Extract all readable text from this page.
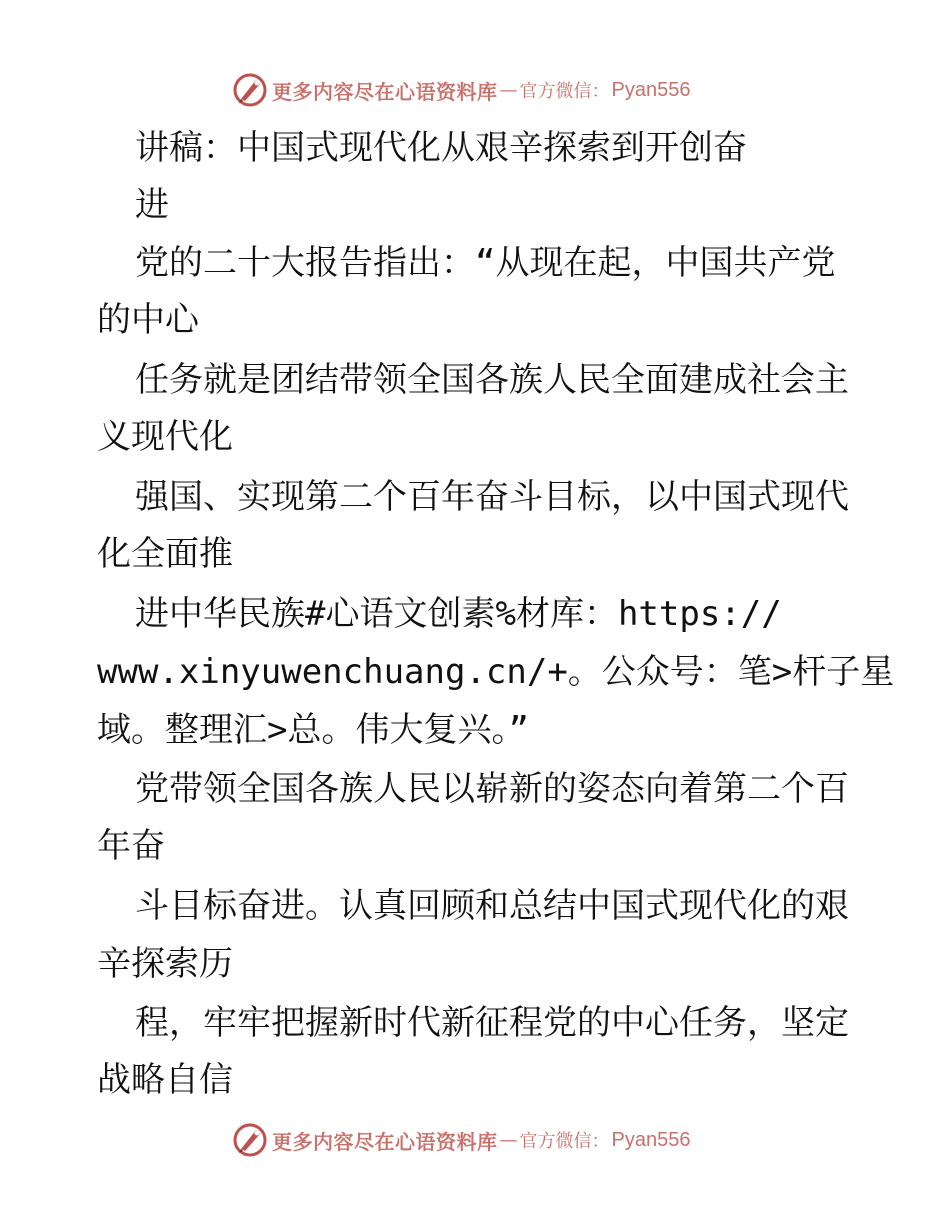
更多内容尽在心语资料库 — 官方微信： Pyan556
讲稿：中国式现代化从艰辛探索到开创奋
进
党的二十大报告指出：“从现在起，中国共产党
的中心
任务就是团结带领全国各族人民全面建成社会主
义现代化
强国、实现第二个百年奋斗目标，以中国式现代
化全面推
进中华民族#心语文创素%材库：https://
www.xinyuwenchuang.cn/+。公众号：笔>杆子星
域。整理汇>总。伟大复兴。”
党带领全国各族人民以崭新的姿态向着第二个百
年奋
斗目标奋进。认真回顾和总结中国式现代化的艰
辛探索历
程，牢牢把握新时代新征程党的中心任务，坚定
战略自信
更多内容尽在心语资料库 — 官方微信： Pyan556
